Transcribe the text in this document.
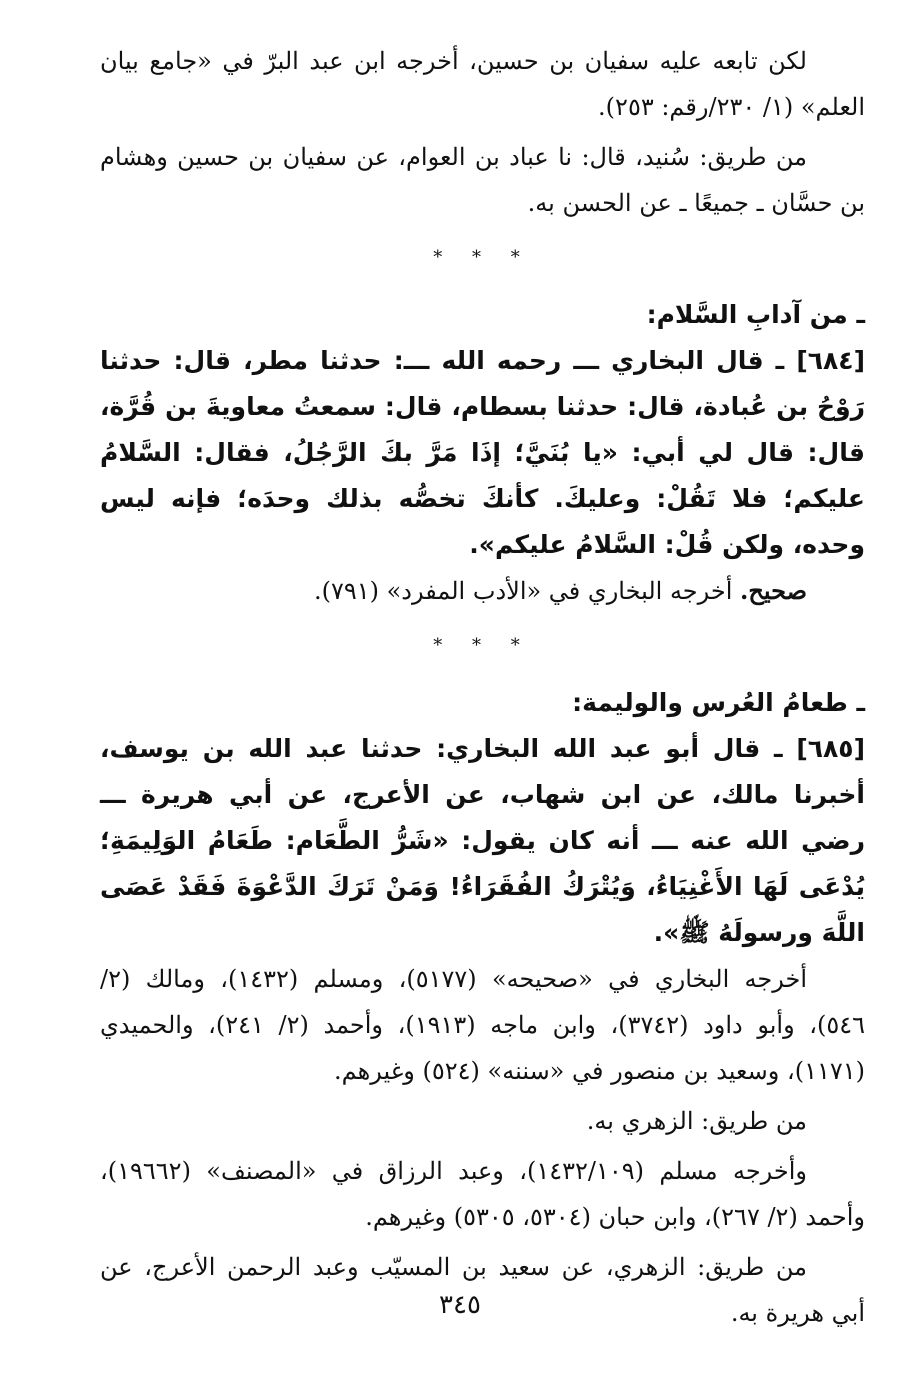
لكن تابعه عليه سفيان بن حسين، أخرجه ابن عبد البرّ في «جامع بيان العلم» (١/ ٢٣٠/رقم: ٢٥٣).

من طريق: سُنيد، قال: نا عباد بن العوام، عن سفيان بن حسين وهشام بن حسَّان ـ جميعًا ـ عن الحسن به.

* * *

ـ من آدابِ السَّلام:

[٦٨٤] ـ قال البخاري ـــ رحمه الله ـــ: حدثنا مطر، قال: حدثنا رَوْحُ بن عُبادة، قال: حدثنا بسطام، قال: سمعتُ معاويةَ بن قُرَّة، قال: قال لي أبي: «يا بُنَيَّ؛ إذَا مَرَّ بكَ الرَّجُلُ، فقال: السَّلامُ عليكم؛ فلا تَقُلْ: وعليكَ. كأنكَ تخصُّه بذلك وحدَه؛ فإنه ليس وحده، ولكن قُلْ: السَّلامُ عليكم».

صحيح. أخرجه البخاري في «الأدب المفرد» (٧٩١).

* * *

ـ طعامُ العُرس والوليمة:

[٦٨٥] ـ قال أبو عبد الله البخاري: حدثنا عبد الله بن يوسف، أخبرنا مالك، عن ابن شهاب، عن الأعرج، عن أبي هريرة ـــ رضي الله عنه ـــ أنه كان يقول: «شَرُّ الطَّعَام: طَعَامُ الوَلِيمَةِ؛ يُدْعَى لَهَا الأَغْنِيَاءُ، وَيُتْرَكُ الفُقَرَاءُ! وَمَنْ تَرَكَ الدَّعْوَةَ فَقَدْ عَصَى اللَّهَ ورسولَهُ ﷺ».

أخرجه البخاري في «صحيحه» (٥١٧٧)، ومسلم (١٤٣٢)، ومالك (٢/ ٥٤٦)، وأبو داود (٣٧٤٢)، وابن ماجه (١٩١٣)، وأحمد (٢/ ٢٤١)، والحميدي (١١٧١)، وسعيد بن منصور في «سننه» (٥٢٤) وغيرهم.

من طريق: الزهري به.

وأخرجه مسلم (١٤٣٢/١٠٩)، وعبد الرزاق في «المصنف» (١٩٦٦٢)، وأحمد (٢/ ٢٦٧)، وابن حبان (٥٣٠٤، ٥٣٠٥) وغيرهم.

من طريق: الزهري، عن سعيد بن المسيّب وعبد الرحمن الأعرج، عن أبي هريرة به.

٣٤٥
